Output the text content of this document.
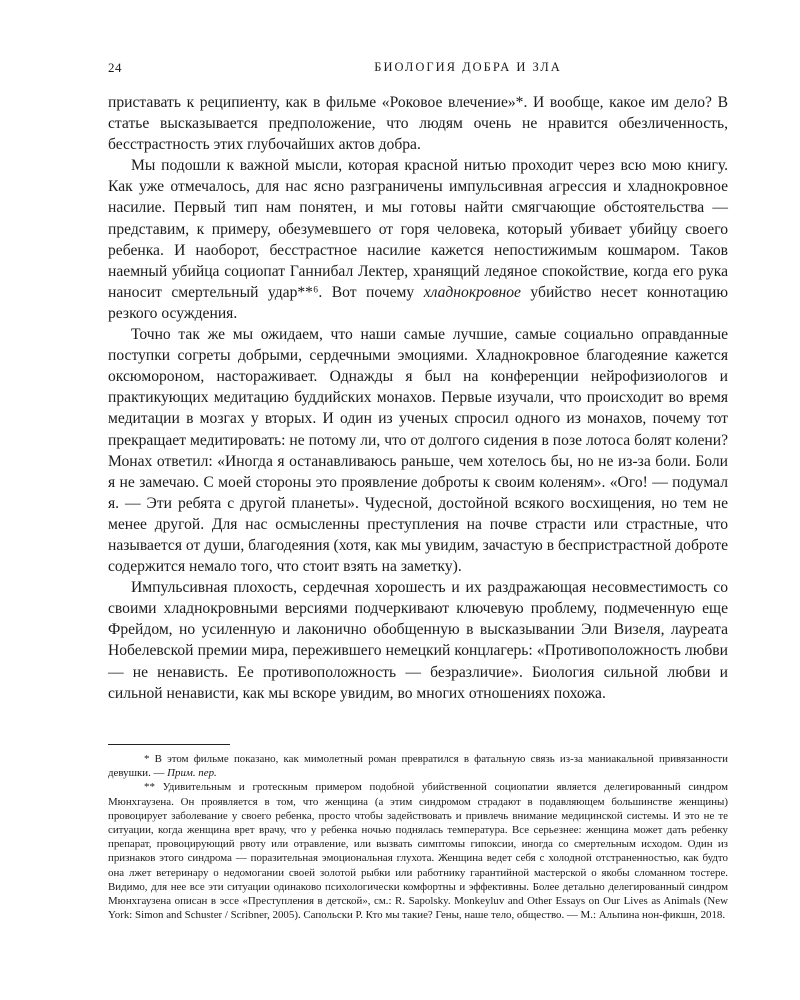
24	БИОЛОГИЯ ДОБРА И ЗЛА

приставать к реципиенту, как в фильме «Роковое влечение»*. И вообще, какое им дело? В статье высказывается предположение, что людям очень не нравится обезличенность, бесстрастность этих глубочайших актов добра.

Мы подошли к важной мысли, которая красной нитью проходит через всю мою книгу. Как уже отмечалось, для нас ясно разграничены импульсивная агрессия и хладнокровное насилие. Первый тип нам понятен, и мы готовы найти смягчающие обстоятельства — представим, к примеру, обезумевшего от горя человека, который убивает убийцу своего ребенка. И наоборот, бесстрастное насилие кажется непостижимым кошмаром. Таков наемный убийца социопат Ганнибал Лектер, хранящий ледяное спокойствие, когда его рука наносит смертельный удар**⁶. Вот почему хладнокровное убийство несет коннотацию резкого осуждения.

Точно так же мы ожидаем, что наши самые лучшие, самые социально оправданные поступки согреты добрыми, сердечными эмоциями. Хладнокровное благодеяние кажется оксюмороном, настораживает. Однажды я был на конференции нейрофизиологов и практикующих медитацию буддийских монахов. Первые изучали, что происходит во время медитации в мозгах у вторых. И один из ученых спросил одного из монахов, почему тот прекращает медитировать: не потому ли, что от долгого сидения в позе лотоса болят колени? Монах ответил: «Иногда я останавливаюсь раньше, чем хотелось бы, но не из-за боли. Боли я не замечаю. С моей стороны это проявление доброты к своим коленям». «Ого! — подумал я. — Эти ребята с другой планеты». Чудесной, достойной всякого восхищения, но тем не менее другой. Для нас осмысленны преступления на почве страсти или страстные, что называется от души, благодеяния (хотя, как мы увидим, зачастую в беспристрастной доброте содержится немало того, что стоит взять на заметку).

Импульсивная плохость, сердечная хорошесть и их раздражающая несовместимость со своими хладнокровными версиями подчеркивают ключевую проблему, подмеченную еще Фрейдом, но усиленную и лаконично обобщенную в высказывании Эли Визеля, лауреата Нобелевской премии мира, пережившего немецкий концлагерь: «Противоположность любви — не ненависть. Ее противоположность — безразличие». Биология сильной любви и сильной ненависти, как мы вскоре увидим, во многих отношениях похожа.

* В этом фильме показано, как мимолетный роман превратился в фатальную связь из-за маниакальной привязанности девушки. — Прим. пер.

** Удивительным и гротескным примером подобной убийственной социопатии является делегированный синдром Мюнхгаузена. Он проявляется в том, что женщина (а этим синдромом страдают в подавляющем большинстве женщины) провоцирует заболевание у своего ребенка, просто чтобы задействовать и привлечь внимание медицинской системы. И это не те ситуации, когда женщина врет врачу, что у ребенка ночью поднялась температура. Все серьезнее: женщина может дать ребенку препарат, провоцирующий рвоту или отравление, или вызвать симптомы гипоксии, иногда со смертельным исходом. Один из признаков этого синдрома — поразительная эмоциональная глухота. Женщина ведет себя с холодной отстраненностью, как будто она лжет ветеринару о недомогании своей золотой рыбки или работнику гарантийной мастерской о якобы сломанном тостере. Видимо, для нее все эти ситуации одинаково психологически комфортны и эффективны. Более детально делегированный синдром Мюнхгаузена описан в эссе «Преступления в детской», см.: R. Sapolsky. Monkeyluv and Other Essays on Our Lives as Animals (New York: Simon and Schuster / Scribner, 2005). Сапольски Р. Кто мы такие? Гены, наше тело, общество. — М.: Альпина нон-фикшн, 2018.
